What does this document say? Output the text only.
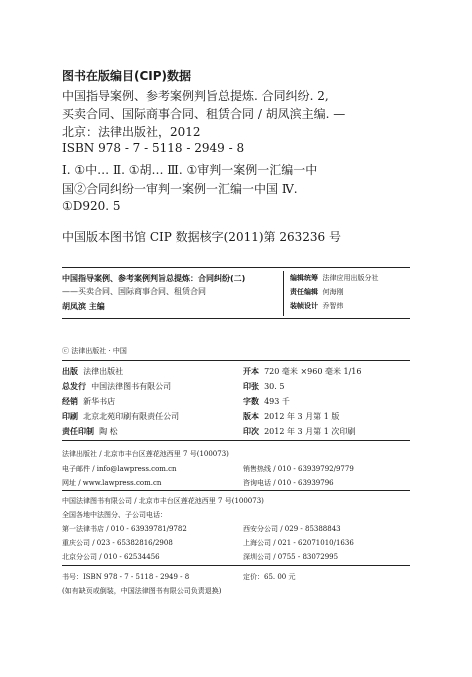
图书在版编目(CIP)数据
中国指导案例、参考案例判旨总提炼. 合同纠纷. 2,
买卖合同、国际商事合同、租赁合同 / 胡凤滨主编. —
北京：法律出版社，2012
ISBN 978 - 7 - 5118 - 2949 - 8
Ⅰ. ①中… Ⅱ. ①胡… Ⅲ. ①审判一案例一汇编一中
国②合同纠纷一审判一案例一汇编一中国 Ⅳ.
①D920. 5
中国版本图书馆 CIP 数据核字(2011)第 263236 号
中国指导案例、参考案例判旨总提炼：合同纠纷(二)
——买卖合同、国际商事合同、租赁合同
胡凤滨 主编
编辑统筹 法律应用出版分社
责任编辑 何海刚
装帧设计 乔智炜
ⓒ 法律出版社 · 中国
出版 法律出版社
总发行 中国法律图书有限公司
经销 新华书店
印刷 北京北苑印刷有限责任公司
责任印制 陶 松
开本 720 毫米 ×960 毫米 1/16
印张 30. 5
字数 493 千
版本 2012 年 3 月第 1 版
印次 2012 年 3 月第 1 次印刷
法律出版社 / 北京市丰台区莲花池西里 7 号(100073)
电子邮件 / info@lawpress.com.cn
网址 / www.lawpress.com.cn
销售热线 / 010 - 63939792/9779
咨询电话 / 010 - 63939796
中国法律图书有限公司 / 北京市丰台区莲花池西里 7 号(100073)
全国各地中法图分、子公司电话：
第一法律书店 / 010 - 63939781/9782
重庆公司 / 023 - 65382816/2908
北京分公司 / 010 - 62534456
西安分公司 / 029 - 85388843
上海公司 / 021 - 62071010/1636
深圳公司 / 0755 - 83072995
书号：ISBN 978 - 7 - 5118 - 2949 - 8	定价：65. 00 元
(如有缺页或倒装，中国法律图书有限公司负责退换)
